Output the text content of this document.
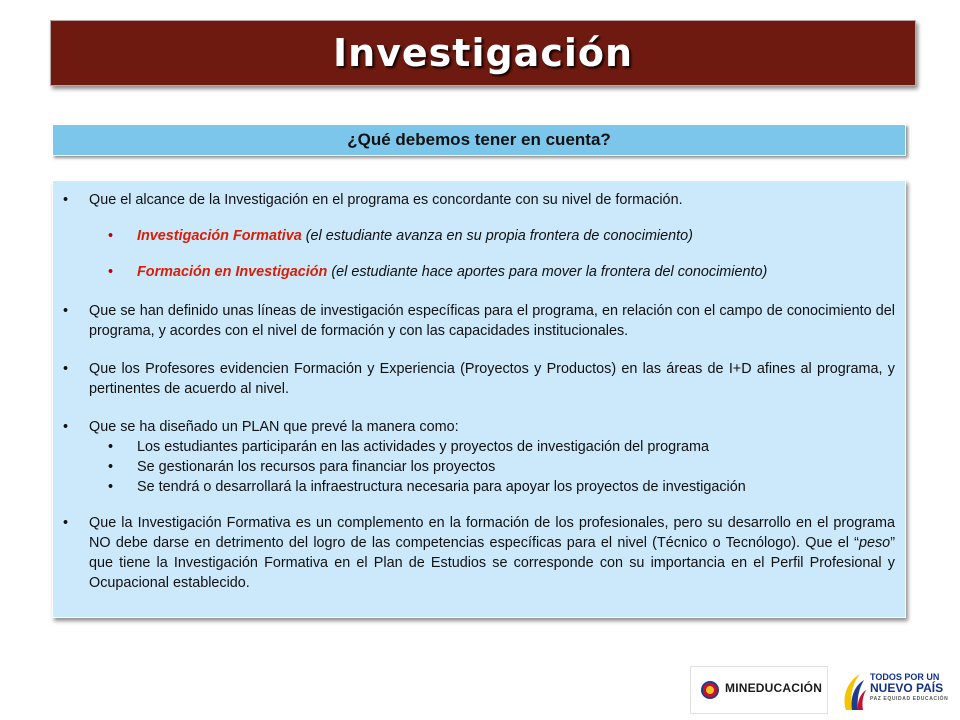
Investigación
¿Qué debemos tener en cuenta?
• Que el alcance de la Investigación en el programa es concordante con su nivel de formación.
• Investigación Formativa (el estudiante avanza en su propia frontera de conocimiento)
• Formación en Investigación (el estudiante hace aportes para mover la frontera del conocimiento)
• Que se han definido unas líneas de investigación específicas para el programa, en relación con el campo de conocimiento del programa, y acordes con el nivel de formación y con las capacidades institucionales.
• Que los Profesores evidencien Formación y Experiencia (Proyectos y Productos) en las áreas de I+D afines al programa, y pertinentes de acuerdo al nivel.
• Que se ha diseñado un PLAN que prevé la manera como:
• Los estudiantes participarán en las actividades y proyectos de investigación del programa
• Se gestionarán los recursos para financiar los proyectos
• Se tendrá o desarrollará la infraestructura necesaria para apoyar los proyectos de investigación
• Que la Investigación Formativa es un complemento en la formación de los profesionales, pero su desarrollo en el programa NO debe darse en detrimento del logro de las competencias específicas para el nivel (Técnico o Tecnólogo). Que el “peso” que tiene la Investigación Formativa en el Plan de Estudios se corresponde con su importancia en el Perfil Profesional y Ocupacional establecido.
MINEDUCACIÓN
TODOS POR UN
NUEVO PAÍS
PAZ EQUIDAD EDUCACIÓN
